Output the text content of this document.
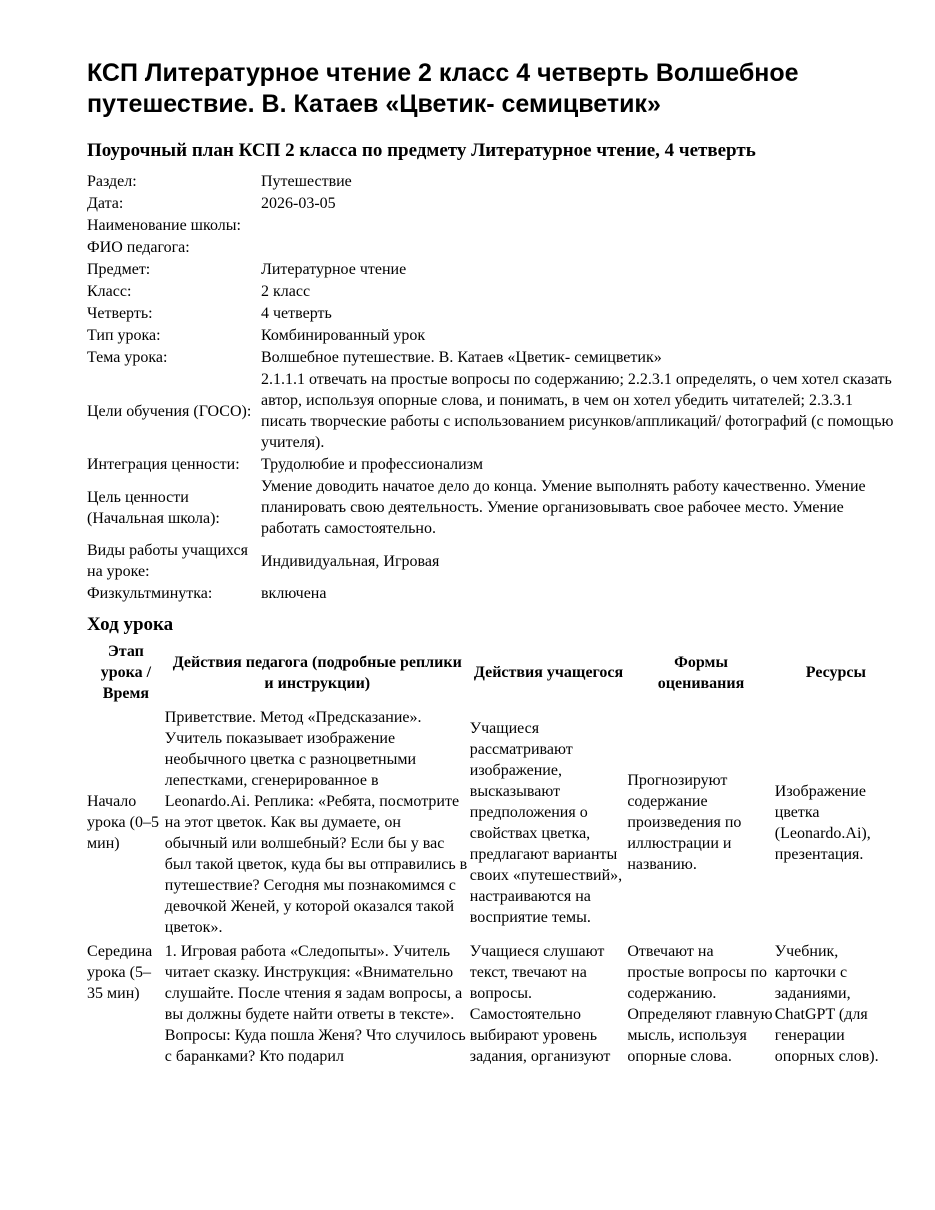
КСП Литературное чтение 2 класс 4 четверть Волшебное путешествие. В. Катаев «Цветик- семицветик»
Поурочный план КСП 2 класса по предмету Литературное чтение, 4 четверть
Раздел:	Путешествие
Дата:	2026-03-05
Наименование школы:	
ФИО педагога:	
Предмет:	Литературное чтение
Класс:	2 класс
Четверть:	4 четверть
Тип урока:	Комбинированный урок
Тема урока:	Волшебное путешествие. В. Катаев «Цветик- семицветик»
Цели обучения (ГОСО):	2.1.1.1 отвечать на простые вопросы по содержанию; 2.2.3.1 определять, о чем хотел сказать автор, используя опорные слова, и понимать, в чем он хотел убедить читателей; 2.3.3.1 писать творческие работы с использованием рисунков/аппликаций/ фотографий (с помощью учителя).
Интеграция ценности:	Трудолюбие и профессионализм
Цель ценности (Начальная школа):	Умение доводить начатое дело до конца. Умение выполнять работу качественно. Умение планировать свою деятельность. Умение организовывать свое рабочее место. Умение работать самостоятельно.
Виды работы учащихся на уроке:	Индивидуальная, Игровая
Физкультминутка:	включена
Ход урока
Этап урока / Время	Действия педагога (подробные реплики и инструкции)	Действия учащегося	Формы оценивания	Ресурсы
Начало урока (0–5 мин)	Приветствие. Метод «Предсказание». Учитель показывает изображение необычного цветка с разноцветными лепестками, сгенерированное в Leonardo.Ai. Реплика: «Ребята, посмотрите на этот цветок. Как вы думаете, он обычный или волшебный? Если бы у вас был такой цветок, куда бы вы отправились в путешествие? Сегодня мы познакомимся с девочкой Женей, у которой оказался такой цветок».	Учащиеся рассматривают изображение, высказывают предположения о свойствах цветка, предлагают варианты своих «путешествий», настраиваются на восприятие темы.	Прогнозируют содержание произведения по иллюстрации и названию.	Изображение цветка (Leonardo.Ai), презентация.
Середина урока (5–35 мин)	1. Игровая работа «Следопыты». Учитель читает сказку. Инструкция: «Внимательно слушайте. После чтения я задам вопросы, а вы должны будете найти ответы в тексте». Вопросы: Куда пошла Женя? Что случилось с баранками? Кто подарил	Учащиеся слушают текст, твечают на вопросы. Самостоятельно выбирают уровень задания, организуют	Отвечают на простые вопросы по содержанию. Определяют главную мысль, используя опорные слова.	Учебник, карточки с заданиями, ChatGPT (для генерации опорных слов).
